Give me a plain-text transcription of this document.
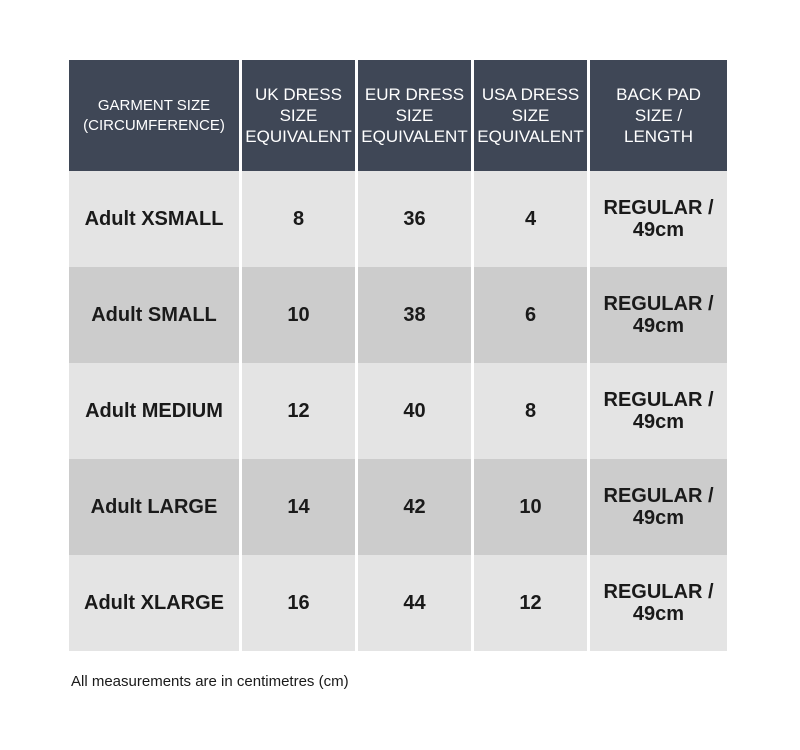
GARMENT SIZE
(CIRCUMFERENCE)	UK DRESS
SIZE
EQUIVALENT	EUR DRESS
SIZE
EQUIVALENT	USA DRESS
SIZE
EQUIVALENT	BACK PAD
SIZE /
LENGTH

Adult XSMALL	8	36	4	REGULAR /
49cm

Adult SMALL	10	38	6	REGULAR /
49cm

Adult MEDIUM	12	40	8	REGULAR /
49cm

Adult LARGE	14	42	10	REGULAR /
49cm

Adult XLARGE	16	44	12	REGULAR /
49cm
All measurements are in centimetres (cm)
